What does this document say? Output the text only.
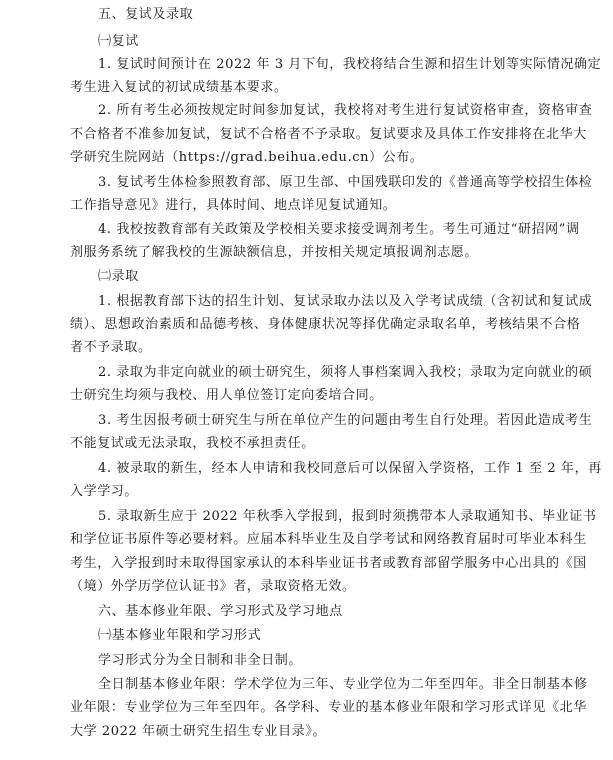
五、复试及录取
㈠复试
1. 复试时间预计在 2022 年 3 月下旬，我校将结合生源和招生计划等实际情况确定
考生进入复试的初试成绩基本要求。
2. 所有考生必须按规定时间参加复试，我校将对考生进行复试资格审查，资格审查
不合格者不准参加复试，复试不合格者不予录取。复试要求及具体工作安排将在北华大
学研究生院网站（https://grad.beihua.edu.cn）公布。
3. 复试考生体检参照教育部、原卫生部、中国残联印发的《普通高等学校招生体检
工作指导意见》进行，具体时间、地点详见复试通知。
4. 我校按教育部有关政策及学校相关要求接受调剂考生。考生可通过“研招网”调
剂服务系统了解我校的生源缺额信息，并按相关规定填报调剂志愿。
㈡录取
1. 根据教育部下达的招生计划、复试录取办法以及入学考试成绩（含初试和复试成
绩）、思想政治素质和品德考核、身体健康状况等择优确定录取名单，考核结果不合格
者不予录取。
2. 录取为非定向就业的硕士研究生，须将人事档案调入我校；录取为定向就业的硕
士研究生均须与我校、用人单位签订定向委培合同。
3. 考生因报考硕士研究生与所在单位产生的问题由考生自行处理。若因此造成考生
不能复试或无法录取，我校不承担责任。
4. 被录取的新生，经本人申请和我校同意后可以保留入学资格，工作 1 至 2 年，再
入学学习。
5. 录取新生应于 2022 年秋季入学报到，报到时须携带本人录取通知书、毕业证书
和学位证书原件等必要材料。应届本科毕业生及自学考试和网络教育届时可毕业本科生
考生，入学报到时未取得国家承认的本科毕业证书者或教育部留学服务中心出具的《国
（境）外学历学位认证书》者，录取资格无效。
六、基本修业年限、学习形式及学习地点
㈠基本修业年限和学习形式
学习形式分为全日制和非全日制。
全日制基本修业年限：学术学位为三年、专业学位为二年至四年。非全日制基本修
业年限：专业学位为三年至四年。各学科、专业的基本修业年限和学习形式详见《北华
大学 2022 年硕士研究生招生专业目录》。
